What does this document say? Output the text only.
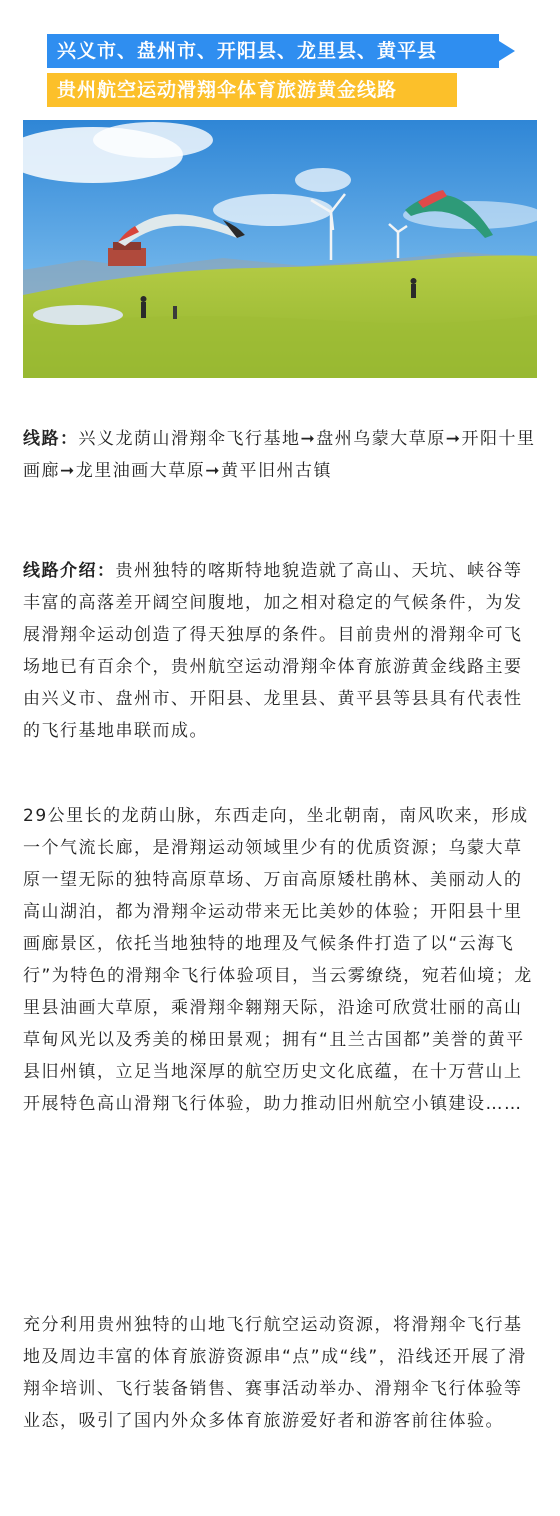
兴义市、盘州市、开阳县、龙里县、黄平县
贵州航空运动滑翔伞体育旅游黄金线路

线路：兴义龙荫山滑翔伞飞行基地➞盘州乌蒙大草原➞开阳十里画廊➞龙里油画大草原➞黄平旧州古镇

线路介绍：贵州独特的喀斯特地貌造就了高山、天坑、峡谷等丰富的高落差开阔空间腹地，加之相对稳定的气候条件，为发展滑翔伞运动创造了得天独厚的条件。目前贵州的滑翔伞可飞场地已有百余个，贵州航空运动滑翔伞体育旅游黄金线路主要由兴义市、盘州市、开阳县、龙里县、黄平县等县具有代表性的飞行基地串联而成。

29公里长的龙荫山脉，东西走向，坐北朝南，南风吹来，形成一个气流长廊，是滑翔运动领域里少有的优质资源；乌蒙大草原一望无际的独特高原草场、万亩高原矮杜鹃林、美丽动人的高山湖泊，都为滑翔伞运动带来无比美妙的体验；开阳县十里画廊景区，依托当地独特的地理及气候条件打造了以“云海飞行”为特色的滑翔伞飞行体验项目，当云雾缭绕，宛若仙境；龙里县油画大草原，乘滑翔伞翱翔天际，沿途可欣赏壮丽的高山草甸风光以及秀美的梯田景观；拥有“且兰古国都”美誉的黄平县旧州镇，立足当地深厚的航空历史文化底蕴，在十万营山上开展特色高山滑翔飞行体验，助力推动旧州航空小镇建设……

充分利用贵州独特的山地飞行航空运动资源，将滑翔伞飞行基地及周边丰富的体育旅游资源串“点”成“线”，沿线还开展了滑翔伞培训、飞行装备销售、赛事活动举办、滑翔伞飞行体验等业态，吸引了国内外众多体育旅游爱好者和游客前往体验。
